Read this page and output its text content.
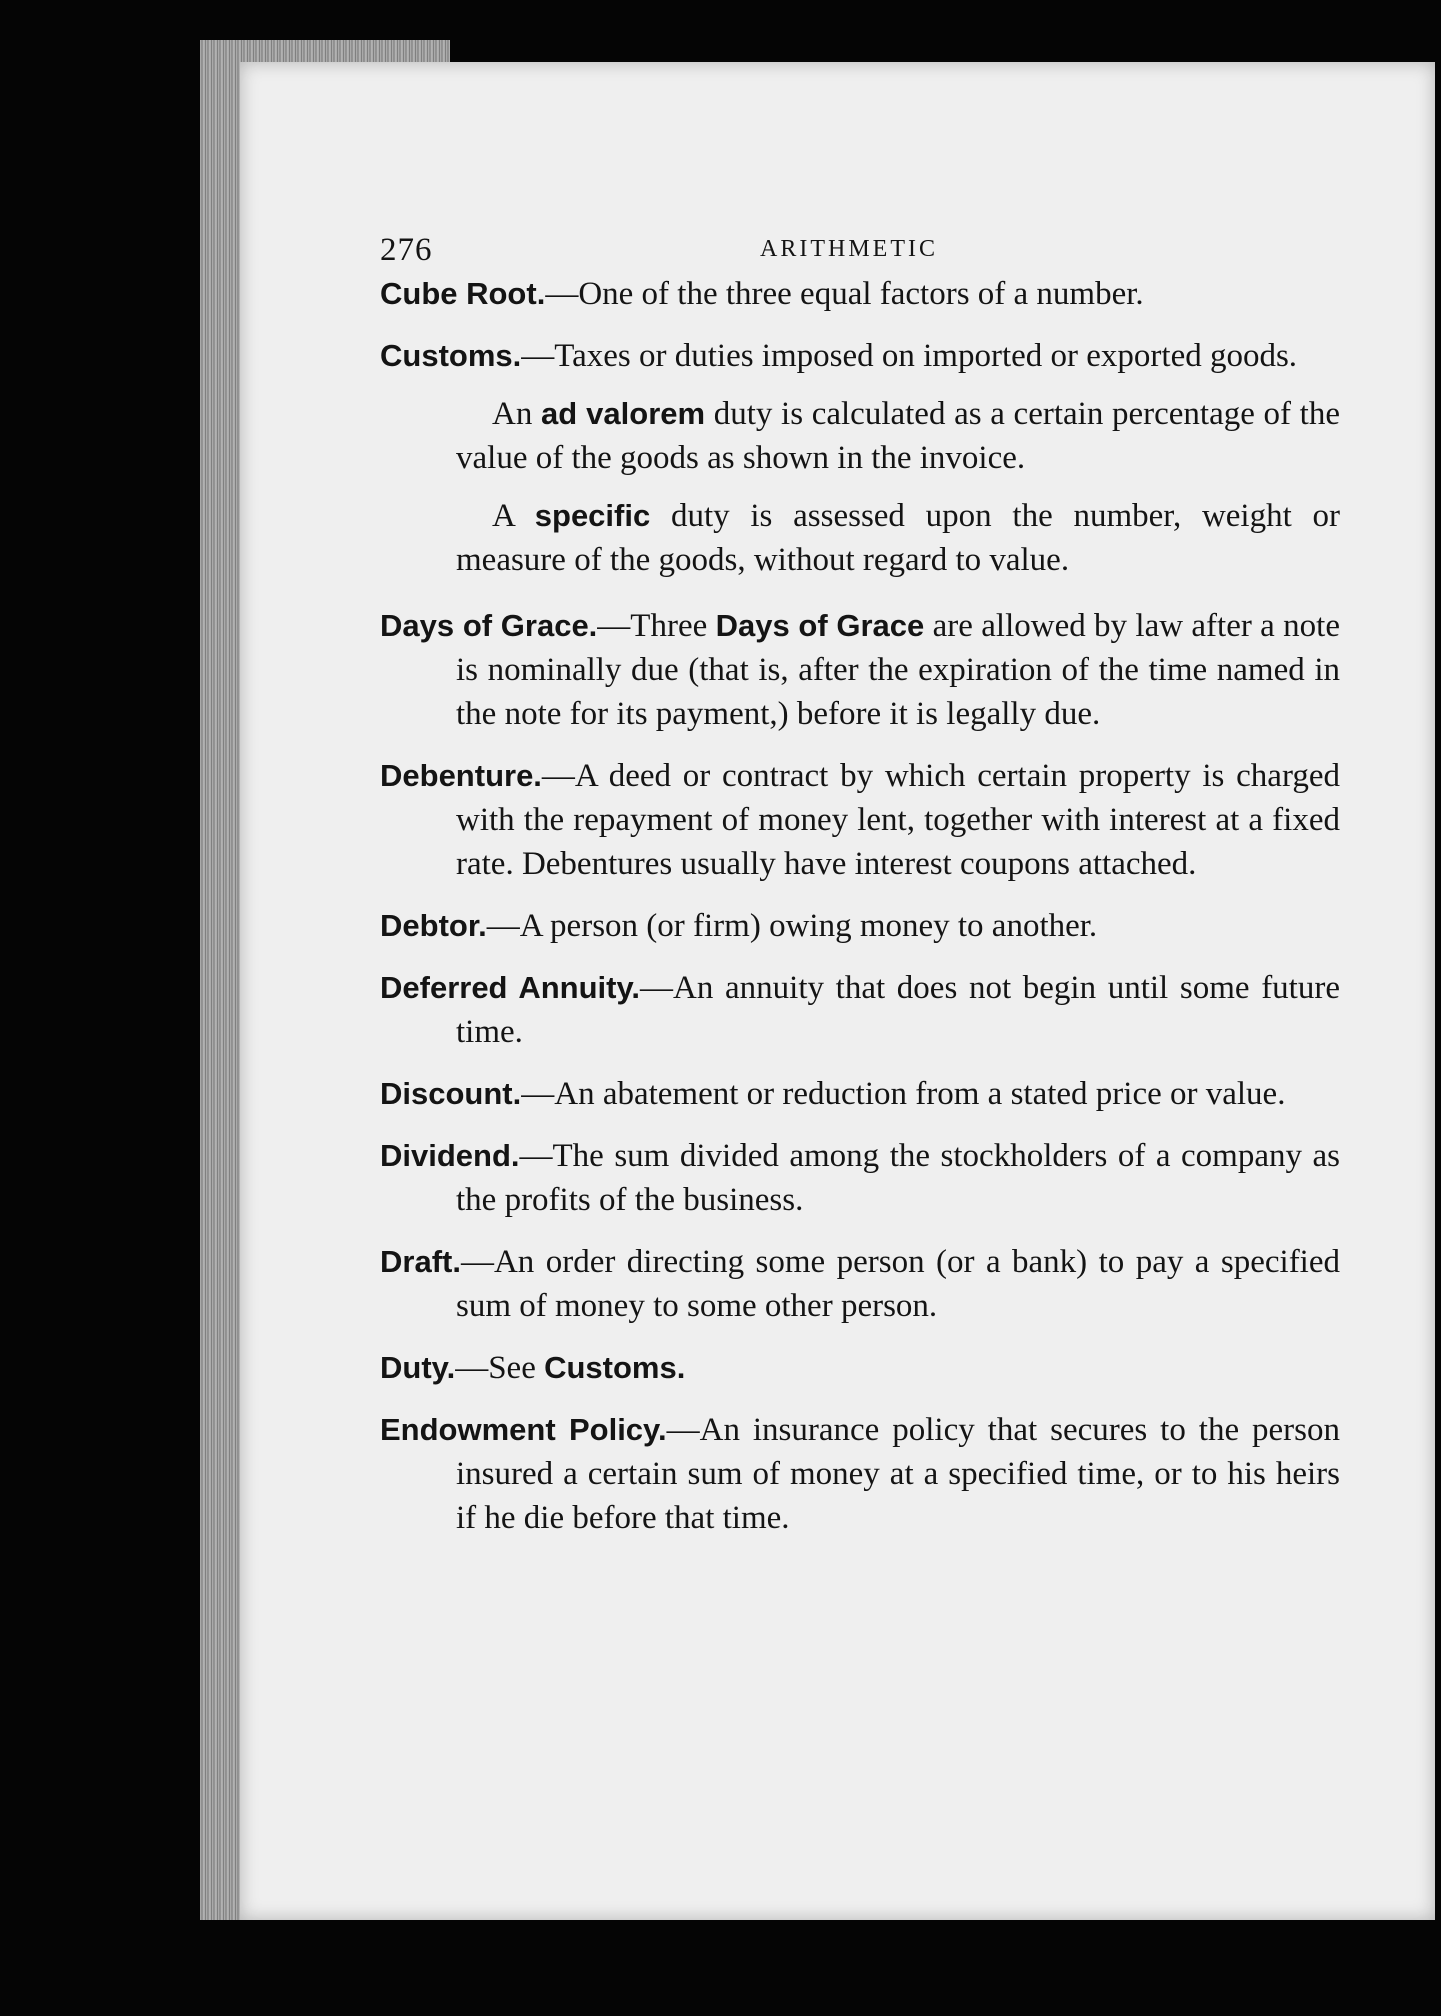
276	ARITHMETIC
Cube Root.—One of the three equal factors of a number.
Customs.—Taxes or duties imposed on imported or exported goods.
An ad valorem duty is calculated as a certain percentage of the value of the goods as shown in the invoice.
A specific duty is assessed upon the number, weight or measure of the goods, without regard to value.
Days of Grace.—Three Days of Grace are allowed by law after a note is nominally due (that is, after the expiration of the time named in the note for its payment,) before it is legally due.
Debenture.—A deed or contract by which certain property is charged with the repayment of money lent, together with interest at a fixed rate. Debentures usually have interest coupons attached.
Debtor.—A person (or firm) owing money to another.
Deferred Annuity.—An annuity that does not begin until some future time.
Discount.—An abatement or reduction from a stated price or value.
Dividend.—The sum divided among the stockholders of a company as the profits of the business.
Draft.—An order directing some person (or a bank) to pay a specified sum of money to some other person.
Duty.—See Customs.
Endowment Policy.—An insurance policy that secures to the person insured a certain sum of money at a specified time, or to his heirs if he die before that time.
